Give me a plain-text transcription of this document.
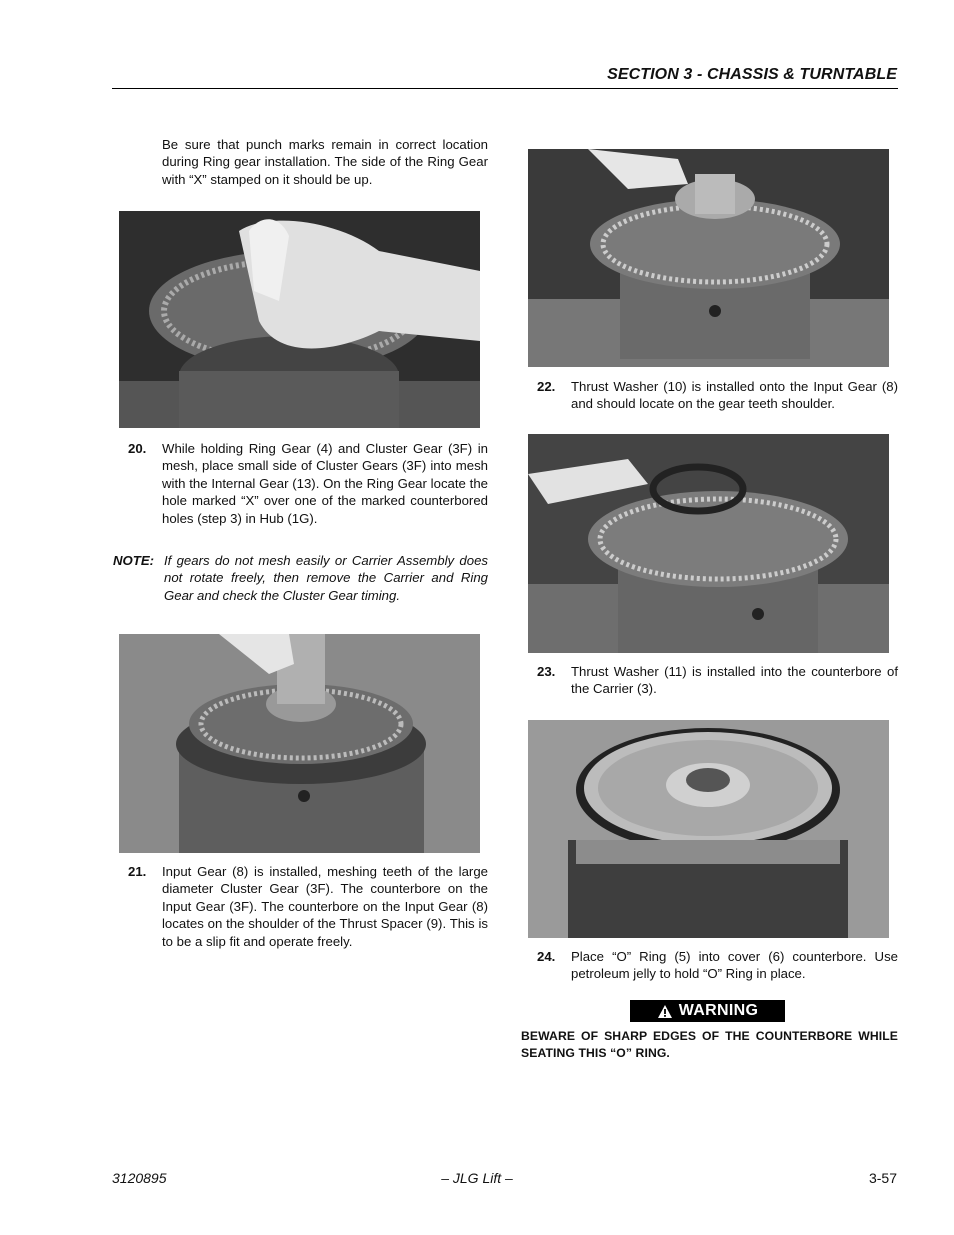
SECTION 3 - CHASSIS & TURNTABLE
Be sure that punch marks remain in correct location during Ring gear installation. The side of the Ring Gear with “X” stamped on it should be up.
20. While holding Ring Gear (4) and Cluster Gear (3F) in mesh, place small side of Cluster Gears (3F) into mesh with the Internal Gear (13). On the Ring Gear locate the hole marked “X” over one of the marked counterbored holes (step 3) in Hub (1G).
NOTE: If gears do not mesh easily or Carrier Assembly does not rotate freely, then remove the Carrier and Ring Gear and check the Cluster Gear timing.
21. Input Gear (8) is installed, meshing teeth of the large diameter Cluster Gear (3F). The counterbore on the Input Gear (3F). The counterbore on the Input Gear (8) locates on the shoulder of the Thrust Spacer (9). This is to be a slip fit and operate freely.
22. Thrust Washer (10) is installed onto the Input Gear (8) and should locate on the gear teeth shoulder.
23. Thrust Washer (11) is installed into the counterbore of the Carrier (3).
24. Place “O” Ring (5) into cover (6) counterbore. Use petroleum jelly to hold “O” Ring in place.
WARNING
BEWARE OF SHARP EDGES OF THE COUNTERBORE WHILE SEATING THIS “O” RING.
3120895	– JLG Lift –	3-57
